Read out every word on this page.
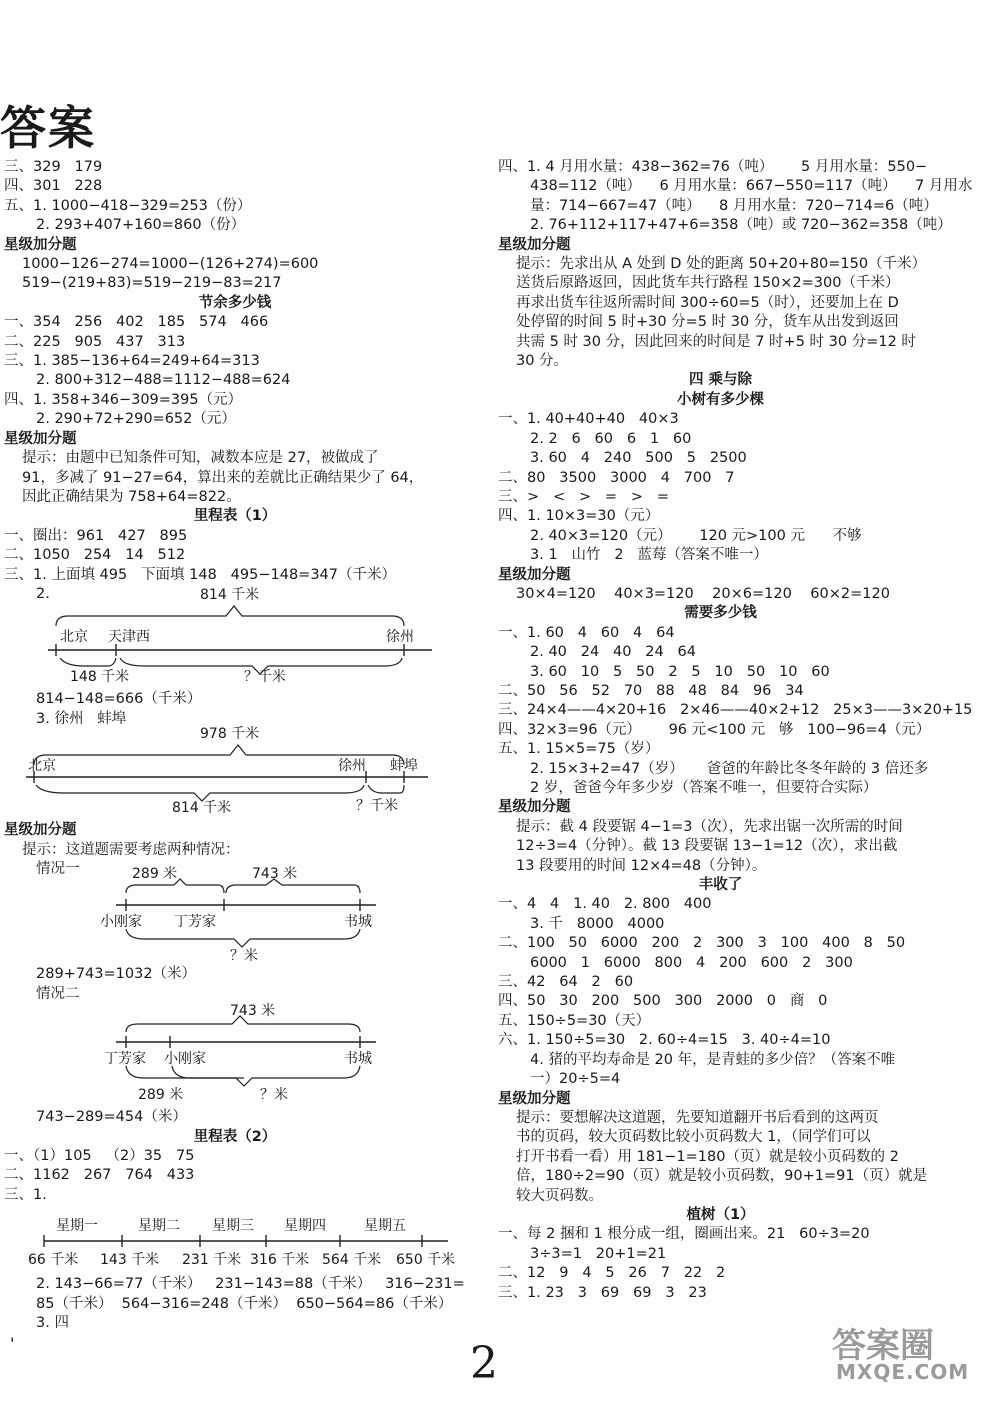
答案
三、329   179
四、301   228
五、1. 1000−418−329=253（份）
2. 293+407+160=860（份）
星级加分题
1000−126−274=1000−(126+274)=600
519−(219+83)=519−219−83=217
节余多少钱
一、354   256   402   185   574   466
二、225   905   437   313
三、1. 385−136+64=249+64=313
2. 800+312−488=1112−488=624
四、1. 358+346−309=395（元）
2. 290+72+290=652（元）
星级加分题
提示：由题中已知条件可知，减数本应是 27，被做成了
91，多减了 91−27=64，算出来的差就比正确结果少了 64，
因此正确结果为 758+64=822。
里程表（1）
一、圈出：961   427   895
二、1050   254   14   512
三、1. 上面填 495   下面填 148   495−148=347（千米）
2.	814 千米
北京 天津西	徐州
148 千米	？千米
814−148=666（千米）
3. 徐州   蚌埠
978 千米
北京	徐州 蚌埠
814 千米	？千米
星级加分题
提示：这道题需要考虑两种情况：
情况一	289 米	743 米
小刚家 丁芳家	书城
？米
289+743=1032（米）
情况二
743 米
丁芳家 小刚家	书城
289 米	？米
743−289=454（米）
里程表（2）
一、（1）105   （2）35   75
二、1162   267   764   433
三、1.
星期一	星期二 星期三 星期四	星期五
66 千米 143 千米 231 千米 316 千米 564 千米 650 千米
2. 143−66=77（千米）   231−143=88（千米）   316−231=
85（千米）  564−316=248（千米）  650−564=86（千米）
3. 四
四、1. 4 月用水量：438−362=76（吨）      5 月用水量：550−
438=112（吨）    6 月用水量：667−550=117（吨）    7 月用水
量：714−667=47（吨）    8 月用水量：720−714=6（吨）
2. 76+112+117+47+6=358（吨）或 720−362=358（吨）
星级加分题
提示：先求出从 A 处到 D 处的距离 50+20+80=150（千米）
送货后原路返回，因此货车共行路程 150×2=300（千米）
再求出货车往返所需时间 300÷60=5（时），还要加上在 D
处停留的时间 5 时+30 分=5 时 30 分，货车从出发到返回
共需 5 时 30 分，因此回来的时间是 7 时+5 时 30 分=12 时
30 分。
四 乘与除
小树有多少棵
一、1. 40+40+40   40×3
2. 2   6   60   6   1   60
3. 60   4   240   500   5   2500
二、80   3500   3000   4   700   7
三、>   <   >   =   >   =
四、1. 10×3=30（元）
2. 40×3=120（元）      120 元>100 元      不够
3. 1   山竹   2   蓝莓（答案不唯一）
星级加分题
30×4=120    40×3=120    20×6=120    60×2=120
需要多少钱
一、1. 60   4   60   4   64
2. 40   24   40   24   64
3. 60   10   5   50   2   5   10   50   10   60
二、50   56   52   70   88   48   84   96   34
三、24×4——4×20+16   2×46——40×2+12   25×3——3×20+15
四、32×3=96（元）      96 元<100 元   够   100−96=4（元）
五、1. 15×5=75（岁）
2. 15×3+2=47（岁）     爸爸的年龄比冬冬年龄的 3 倍还多
2 岁，爸爸今年多少岁（答案不唯一，但要符合实际）
星级加分题
提示：截 4 段要锯 4−1=3（次），先求出锯一次所需的时间
12÷3=4（分钟）。截 13 段要锯 13−1=12（次），求出截
13 段要用的时间 12×4=48（分钟）。
丰收了
一、4   4   1. 40   2. 800   400
3. 千   8000   4000
二、100   50   6000   200   2   300   3   100   400   8   50
6000   1   6000   800   4   200   600   2   300
三、42   64   2   60
四、50   30   200   500   300   2000   0   商   0
五、150÷5=30（天）
六、1. 150÷5=30   2. 60÷4=15   3. 40÷4=10
4. 猪的平均寿命是 20 年，是青蛙的多少倍？（答案不唯
一）20÷5=4
星级加分题
提示：要想解决这道题，先要知道翻开书后看到的这两页
书的页码，较大页码数比较小页码数大 1，（同学们可以
打开书看一看）用 181−1=180（页）就是较小页码数的 2
倍，180÷2=90（页）就是较小页码数，90+1=91（页）就是
较大页码数。
植树（1）
一、每 2 捆和 1 根分成一组，圈画出来。21   60÷3=20
3÷3=1   20+1=21
二、12   9   4   5   26   7   22   2
三、1. 23   3   69   69   3   23
'	2	答案圈
MXQE.COM
